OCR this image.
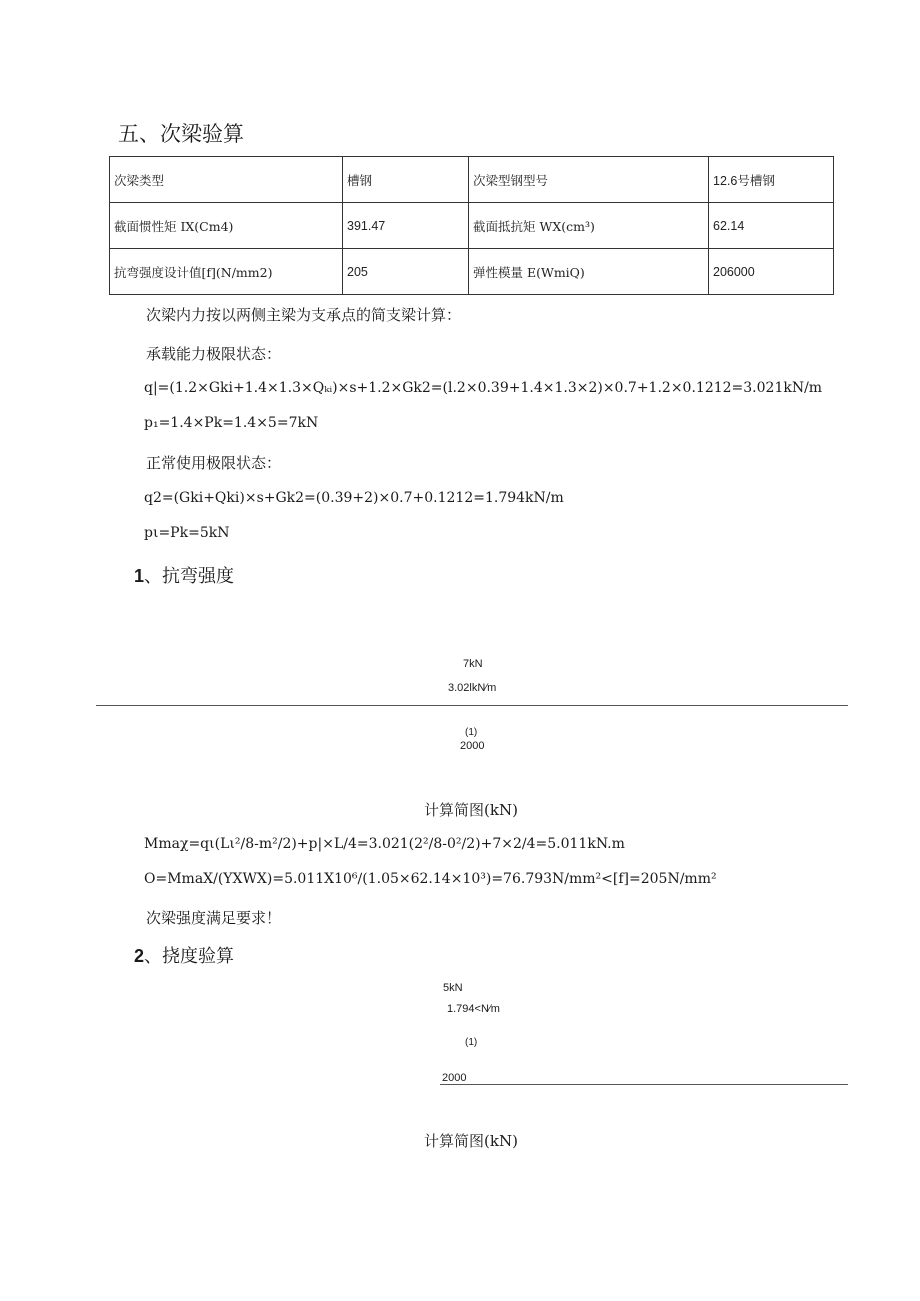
五、次梁验算
次梁类型	槽钢	次梁型钢型号	12.6号槽钢
截面惯性矩 IX(Cm4)	391.47	截面抵抗矩 WX(cm³)	62.14
抗弯强度设计值[f](N∕mm2)	205	弹性模量 E(WmiQ)	206000
次梁内力按以两侧主梁为支承点的简支梁计算：
承载能力极限状态：
q|=(1.2×Gki+1.4×1.3×Qₖᵢ)×s+1.2×Gk2=(l.2×0.39+1.4×1.3×2)×0.7+1.2×0.1212=3.021kN/m
p₁=1.4×Pk=1.4×5=7kN
正常使用极限状态：
q2=(Gki+Qki)×s+Gk2=(0.39+2)×0.7+0.1212=1.794kN∕m
pι=Pk=5kN
1、抗弯强度
7kN
3.02lkN∕m
(1)
2000
计算简图(kN)
Mmaχ=qι(Lι²∕8-m²∕2)+p|×L∕4=3.021(2²∕8-0²∕2)+7×2∕4=5.011kN.m
O=MmaX/(YXWX)=5.011X10⁶∕(1.05×62.14×10³)=76.793N∕mm²<[f]=205N∕mm²
次梁强度满足要求！
2、挠度验算
5kN
1.794<N∕m
(1)
2000
计算简图(kN)
